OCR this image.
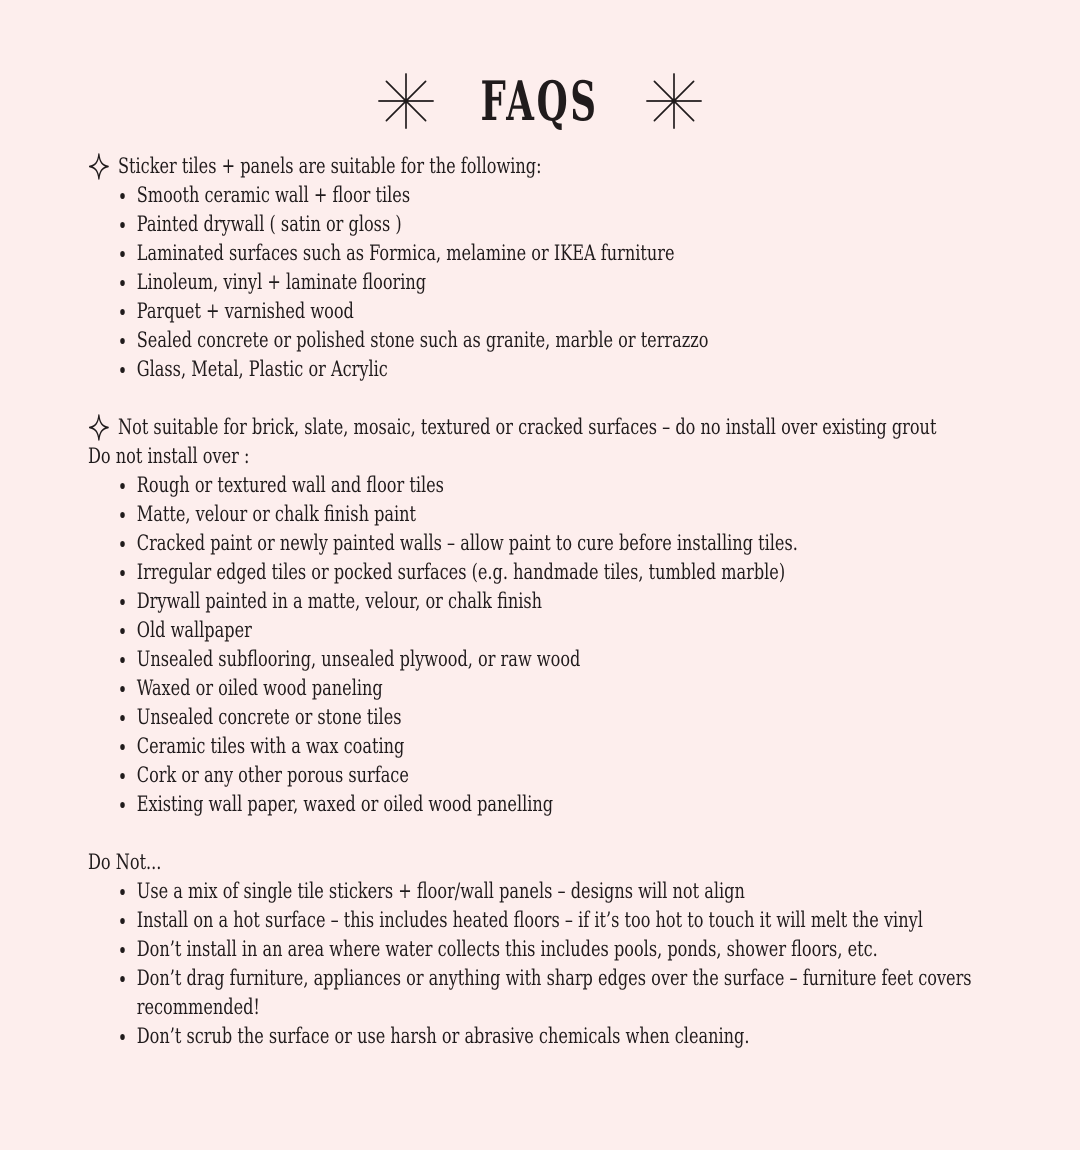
FAQS
Sticker tiles + panels are suitable for the following:
Smooth ceramic wall + floor tiles
Painted drywall ( satin or gloss )
Laminated surfaces such as Formica, melamine or IKEA furniture
Linoleum, vinyl + laminate flooring
Parquet + varnished wood
Sealed concrete or polished stone such as granite, marble or terrazzo
Glass, Metal, Plastic or Acrylic
Not suitable for brick, slate, mosaic, textured or cracked surfaces – do no install over existing grout
Do not install over :
Rough or textured wall and floor tiles
Matte, velour or chalk finish paint
Cracked paint or newly painted walls – allow paint to cure before installing tiles.
Irregular edged tiles or pocked surfaces (e.g. handmade tiles, tumbled marble)
Drywall painted in a matte, velour, or chalk finish
Old wallpaper
Unsealed subflooring, unsealed plywood, or raw wood
Waxed or oiled wood paneling
Unsealed concrete or stone tiles
Ceramic tiles with a wax coating
Cork or any other porous surface
Existing wall paper, waxed or oiled wood panelling
Do Not...
Use a mix of single tile stickers + floor/wall panels – designs will not align
Install on a hot surface – this includes heated floors – if it’s too hot to touch it will melt the vinyl
Don’t install in an area where water collects this includes pools, ponds, shower floors, etc.
Don’t drag furniture, appliances or anything with sharp edges over the surface – furniture feet covers recommended!
Don’t scrub the surface or use harsh or abrasive chemicals when cleaning.
